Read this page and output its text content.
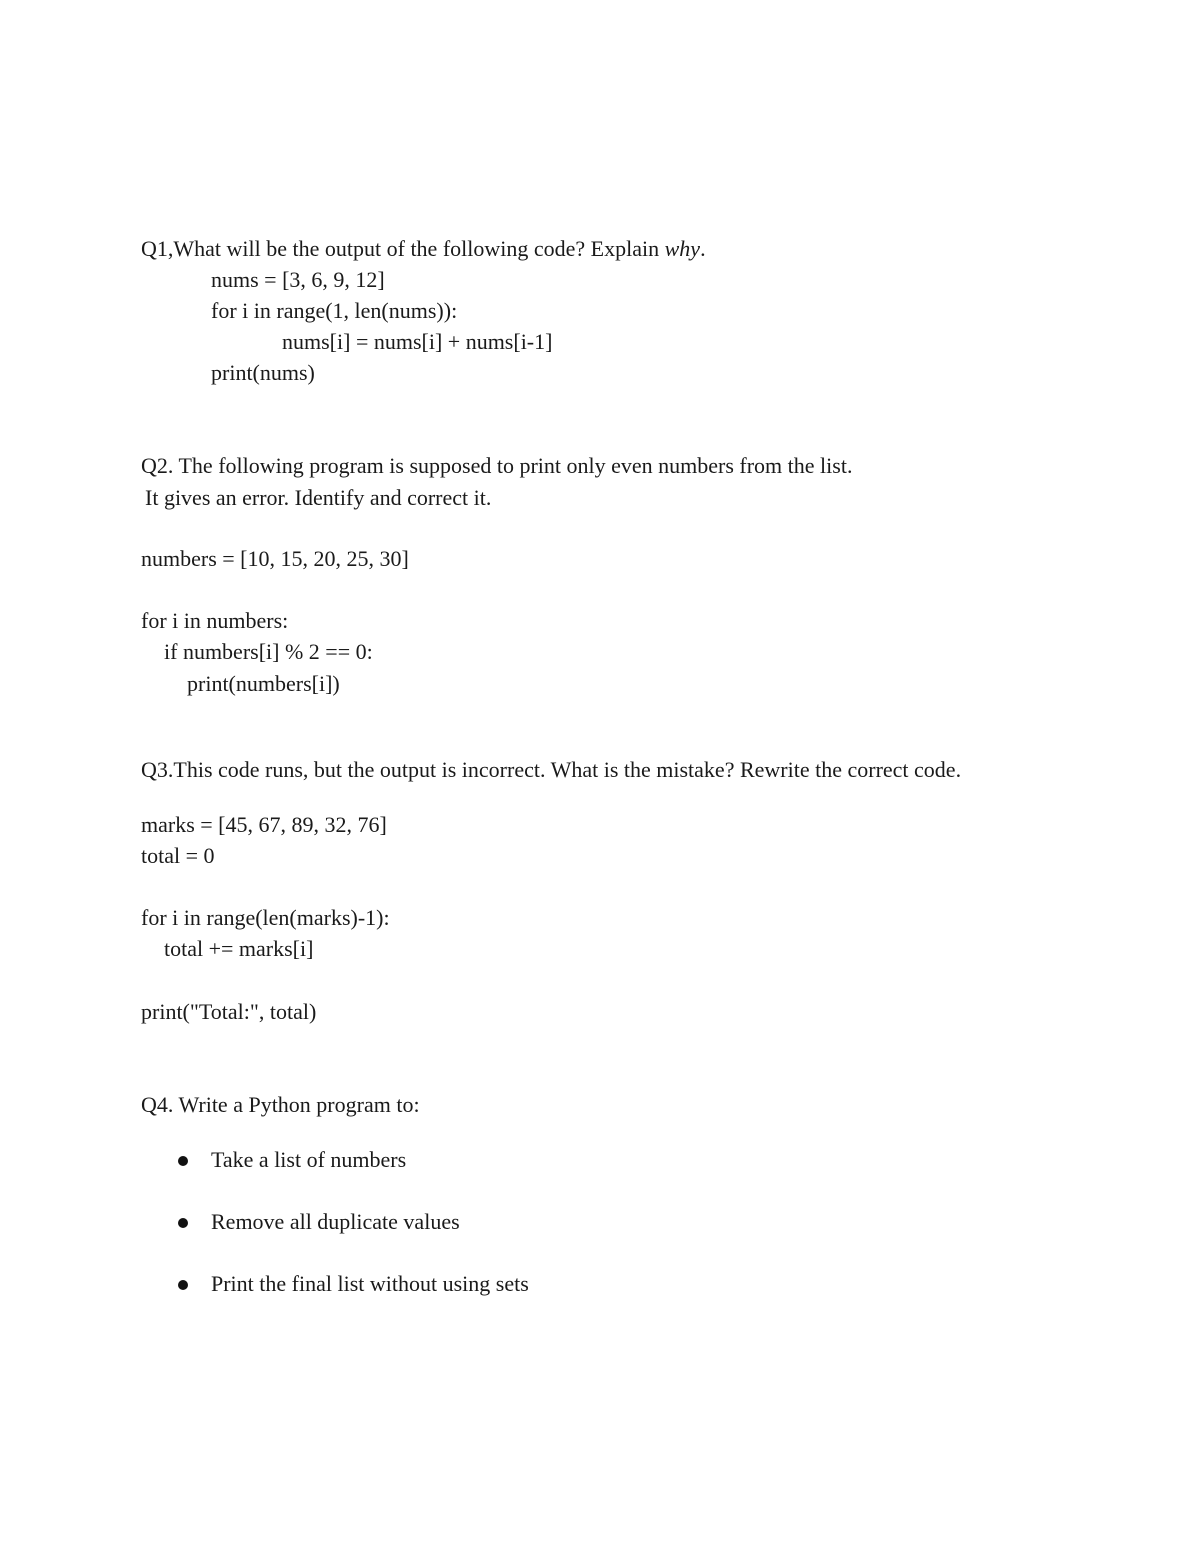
Q1,What will be the output of the following code? Explain why.
nums = [3, 6, 9, 12]
for i in range(1, len(nums)):
nums[i] = nums[i] + nums[i-1]
print(nums)
Q2. The following program is supposed to print only even numbers from the list.
It gives an error. Identify and correct it.
numbers = [10, 15, 20, 25, 30]
for i in numbers:
if numbers[i] % 2 == 0:
print(numbers[i])
Q3.This code runs, but the output is incorrect. What is the mistake? Rewrite the correct code.
marks = [45, 67, 89, 32, 76]
total = 0
for i in range(len(marks)-1):
total += marks[i]
print("Total:", total)
Q4. Write a Python program to:
Take a list of numbers
Remove all duplicate values
Print the final list without using sets
